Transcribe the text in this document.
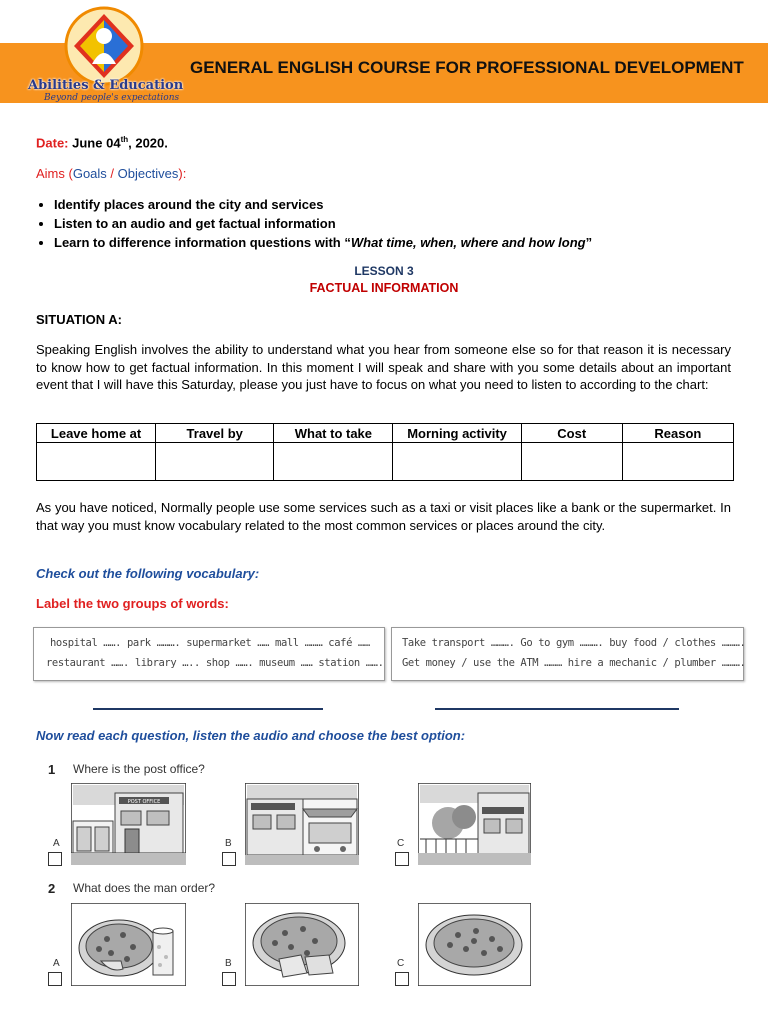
GENERAL ENGLISH COURSE FOR PROFESSIONAL DEVELOPMENT
Abilities & Education
Beyond people's expectations
Date: June 04th, 2020.
Aims (Goals / Objectives):
• Identify places around the city and services
• Listen to an audio and get factual information
• Learn to difference information questions with “What time, when, where and how long”
LESSON 3
FACTUAL INFORMATION
SITUATION A:
Speaking English involves the ability to understand what you hear from someone else so for that reason it is necessary to know how to get factual information. In this moment I will speak and share with you some details about an important event that I will have this Saturday, please you just have to focus on what you need to listen to according to the chart:
Leave home at	Travel by	What to take	Morning activity	Cost	Reason

As you have noticed, Normally people use some services such as a taxi or visit places like a bank or the supermarket. In that way you must know vocabulary related to the most common services or places around the city.
Check out the following vocabulary:
Label the two groups of words:
hospital ……. park ………. supermarket …… mall ……… café ……
restaurant ……. library ….. shop ……. museum …… station …….
Take transport ………. Go to gym ………. buy food / clothes ……….
Get money / use the ATM ……… hire a mechanic / plumber ……….
Now read each question, listen the audio and choose the best option:
1 Where is the post office?
POST OFFICE
A	B	C
2 What does the man order?
A	B	C
